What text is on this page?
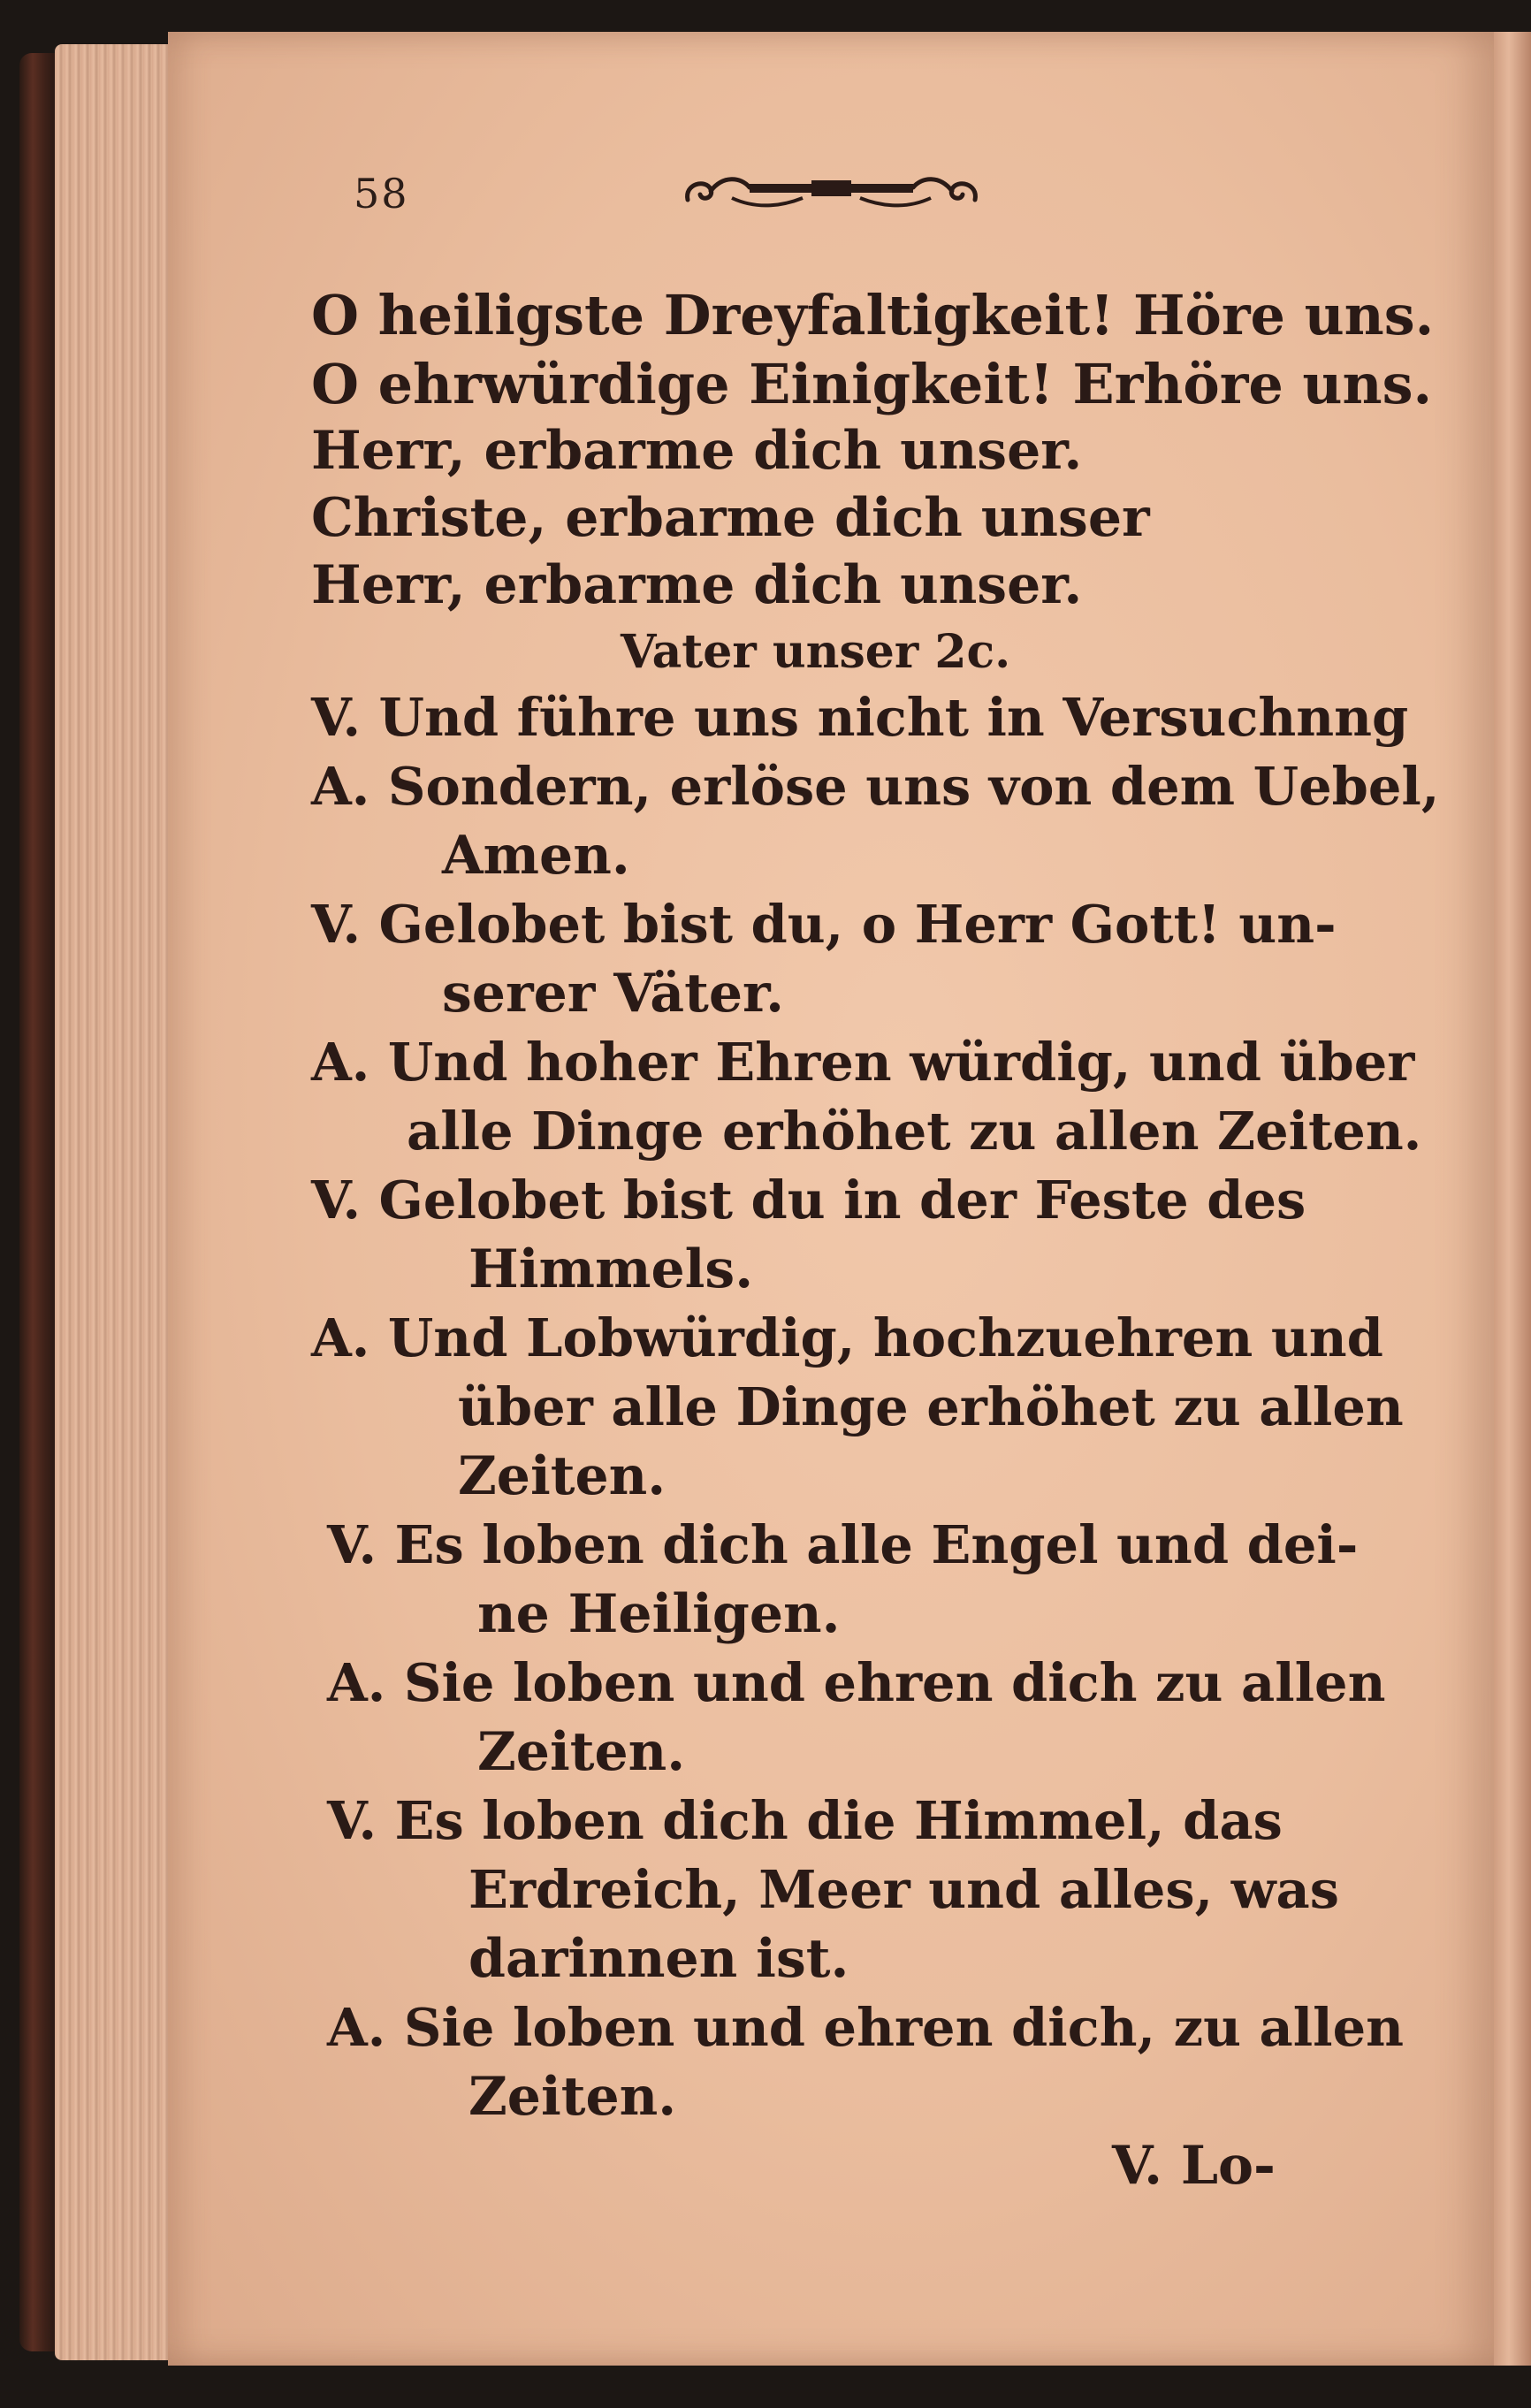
58
O heiligste Dreyfaltigkeit! Höre uns.
O ehrwürdige Einigkeit! Erhöre uns.
Herr, erbarme dich unser.
Christe, erbarme dich unser
Herr, erbarme dich unser.
Vater unser 2c.
V. Und führe uns nicht in Versuchnng
A. Sondern, erlöse uns von dem Uebel,
Amen.
V. Gelobet bist du, o Herr Gott! un-
serer Väter.
A. Und hoher Ehren würdig, und über
alle Dinge erhöhet zu allen Zeiten.
V. Gelobet bist du in der Feste des
Himmels.
A. Und Lobwürdig, hochzuehren und
über alle Dinge erhöhet zu allen
Zeiten.
V. Es loben dich alle Engel und dei-
ne Heiligen.
A. Sie loben und ehren dich zu allen
Zeiten.
V. Es loben dich die Himmel, das
Erdreich, Meer und alles, was
darinnen ist.
A. Sie loben und ehren dich, zu allen
Zeiten.
V. Lo-
